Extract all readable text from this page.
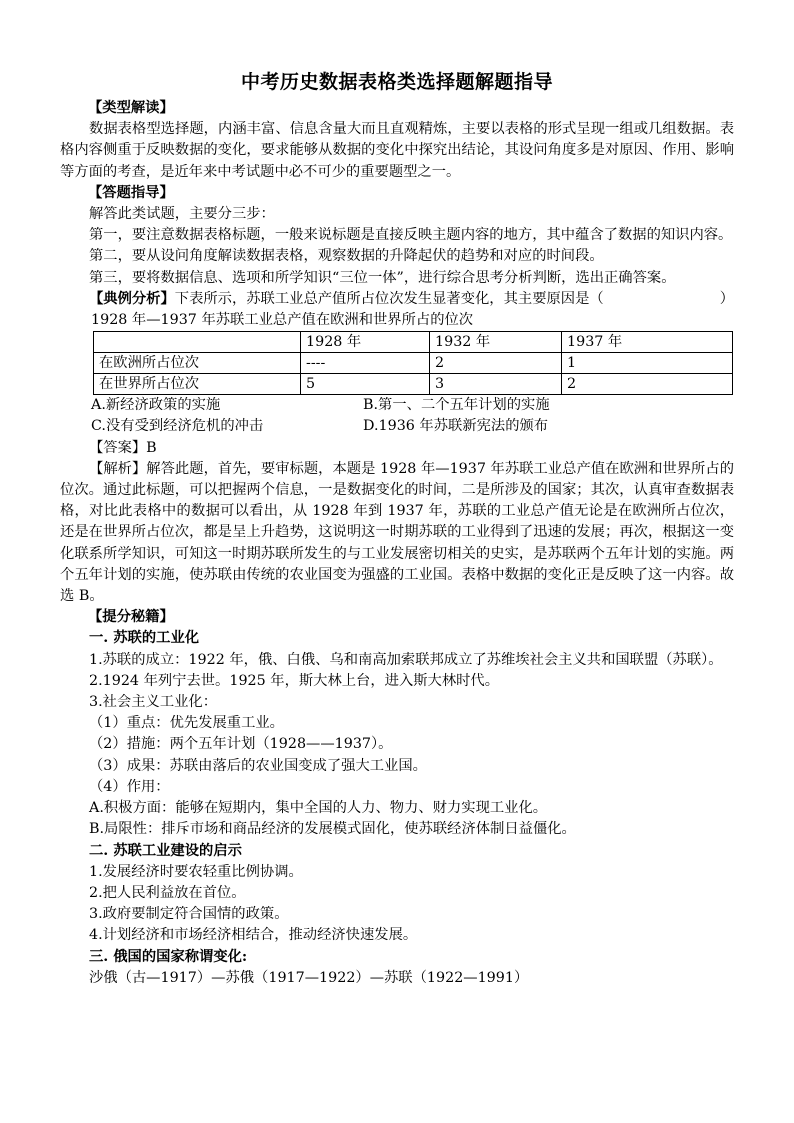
中考历史数据表格类选择题解题指导
【类型解读】

数据表格型选择题，内涵丰富、信息含量大而且直观精炼，主要以表格的形式呈现一组或几组数据。表格内容侧重于反映数据的变化，要求能够从数据的变化中探究出结论，其设问角度多是对原因、作用、影响等方面的考查，是近年来中考试题中必不可少的重要题型之一。

【答题指导】

解答此类试题，主要分三步：

第一，要注意数据表格标题，一般来说标题是直接反映主题内容的地方，其中蕴含了数据的知识内容。

第二，要从设问角度解读数据表格，观察数据的升降起伏的趋势和对应的时间段。

第三，要将数据信息、选项和所学知识“三位一体”，进行综合思考分析判断，选出正确答案。

【典例分析】下表所示，苏联工业总产值所占位次发生显著变化，其主要原因是（	）
1928 年—1937 年苏联工业总产值在欧洲和世界所占的位次
	1928 年	1932 年	1937 年
在欧洲所占位次	----	2	1
在世界所占位次	5	3	2
A.新经济政策的实施	B.第一、二个五年计划的实施
C.没有受到经济危机的冲击	D.1936 年苏联新宪法的颁布
【答案】B

【解析】解答此题，首先，要审标题，本题是 1928 年—1937 年苏联工业总产值在欧洲和世界所占的位次。通过此标题，可以把握两个信息，一是数据变化的时间，二是所涉及的国家；其次，认真审查数据表格，对比此表格中的数据可以看出，从 1928 年到 1937 年，苏联的工业总产值无论是在欧洲所占位次，还是在世界所占位次，都是呈上升趋势，这说明这一时期苏联的工业得到了迅速的发展；再次，根据这一变化联系所学知识，可知这一时期苏联所发生的与工业发展密切相关的史实，是苏联两个五年计划的实施。两个五年计划的实施，使苏联由传统的农业国变为强盛的工业国。表格中数据的变化正是反映了这一内容。故选 B。

【提分秘籍】
一. 苏联的工业化

1.苏联的成立：1922 年，俄、白俄、乌和南高加索联邦成立了苏维埃社会主义共和国联盟（苏联）。

2.1924 年列宁去世。1925 年，斯大林上台，进入斯大林时代。

3.社会主义工业化：

（1）重点：优先发展重工业。

（2）措施：两个五年计划（1928——1937）。

（3）成果：苏联由落后的农业国变成了强大工业国。

（4）作用：

A.积极方面：能够在短期内，集中全国的人力、物力、财力实现工业化。

B.局限性：排斥市场和商品经济的发展模式固化，使苏联经济体制日益僵化。

二. 苏联工业建设的启示

1.发展经济时要农轻重比例协调。

2.把人民利益放在首位。

3.政府要制定符合国情的政策。

4.计划经济和市场经济相结合，推动经济快速发展。

三. 俄国的国家称谓变化:

沙俄（古—1917）—苏俄（1917—1922）—苏联（1922—1991）
